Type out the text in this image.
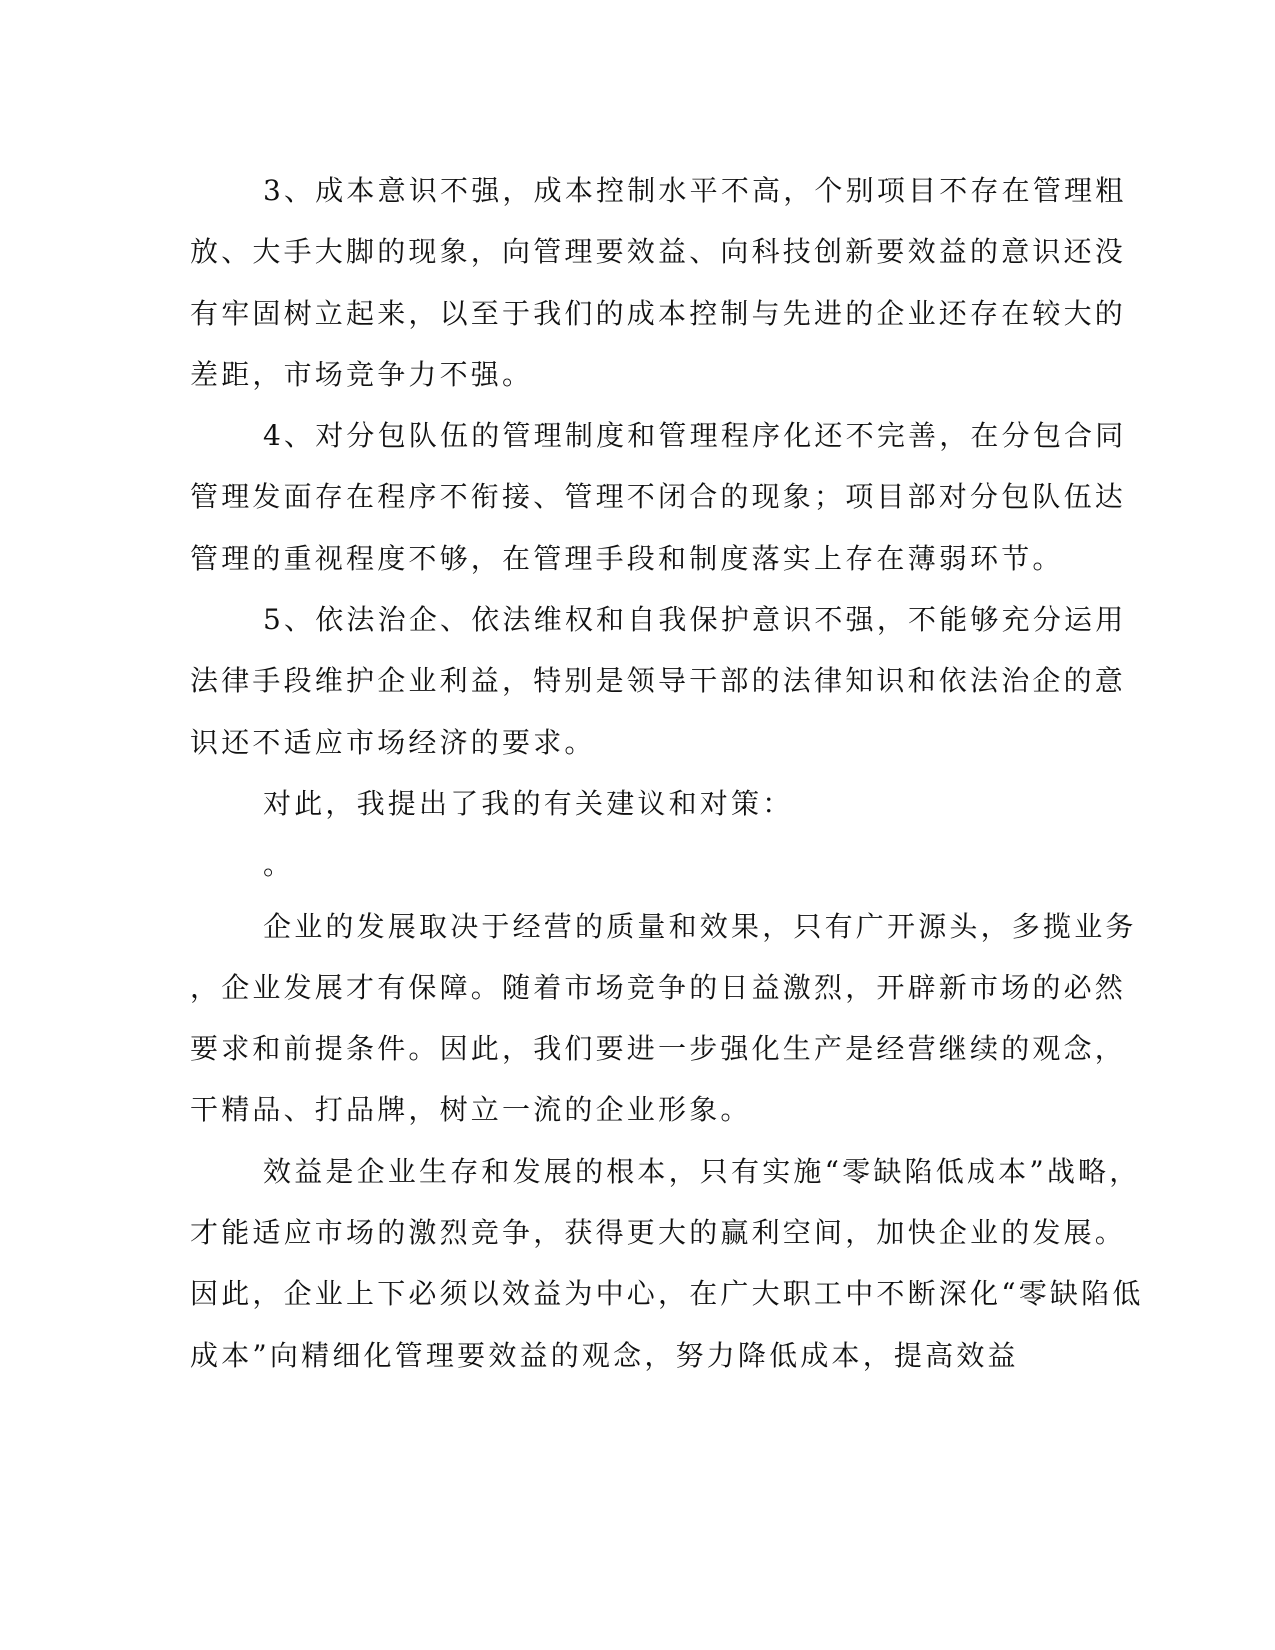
3、成本意识不强，成本控制水平不高，个别项目不存在管理粗
放、大手大脚的现象，向管理要效益、向科技创新要效益的意识还没
有牢固树立起来，以至于我们的成本控制与先进的企业还存在较大的
差距，市场竞争力不强。
4、对分包队伍的管理制度和管理程序化还不完善，在分包合同
管理发面存在程序不衔接、管理不闭合的现象；项目部对分包队伍达
管理的重视程度不够，在管理手段和制度落实上存在薄弱环节。
5、依法治企、依法维权和自我保护意识不强，不能够充分运用
法律手段维护企业利益，特别是领导干部的法律知识和依法治企的意
识还不适应市场经济的要求。
对此，我提出了我的有关建议和对策：
。
企业的发展取决于经营的质量和效果，只有广开源头，多揽业务
，企业发展才有保障。随着市场竞争的日益激烈，开辟新市场的必然
要求和前提条件。因此，我们要进一步强化生产是经营继续的观念，
干精品、打品牌，树立一流的企业形象。
效益是企业生存和发展的根本，只有实施“零缺陷低成本”战略，
才能适应市场的激烈竞争，获得更大的赢利空间，加快企业的发展。
因此，企业上下必须以效益为中心，在广大职工中不断深化“零缺陷低
成本”向精细化管理要效益的观念，努力降低成本，提高效益
